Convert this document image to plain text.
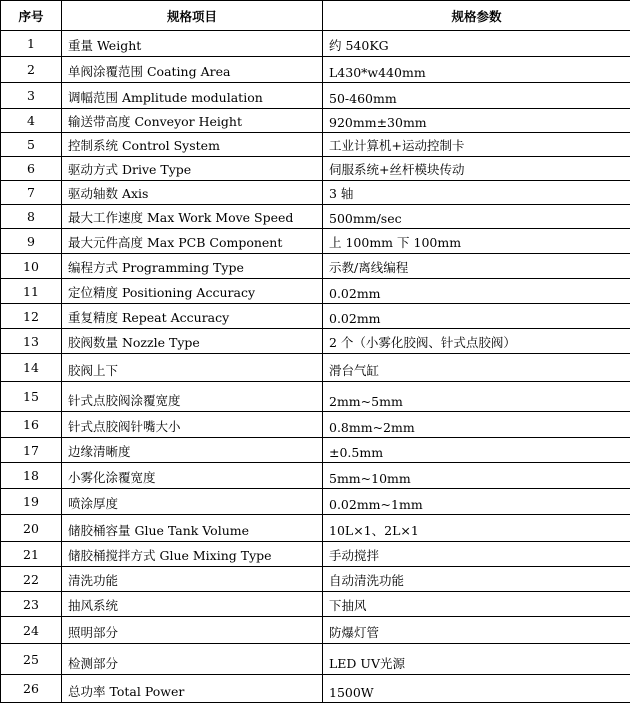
序号	规格项目	规格参数
1	重量 Weight	约 540KG
2	单阀涂覆范围 Coating Area	L430*w440mm
3	调幅范围 Amplitude modulation	50-460mm
4	输送带高度 Conveyor Height	920mm±30mm
5	控制系统 Control System	工业计算机+运动控制卡
6	驱动方式 Drive Type	伺服系统+丝杆模块传动
7	驱动轴数 Axis	3 轴
8	最大工作速度 Max Work Move Speed	500mm/sec
9	最大元件高度 Max PCB Component	上 100mm 下 100mm
10	编程方式 Programming Type	示教/离线编程
11	定位精度 Positioning Accuracy	0.02mm
12	重复精度 Repeat Accuracy	0.02mm
13	胶阀数量 Nozzle Type	2 个（小雾化胶阀、针式点胶阀）
14	胶阀上下	滑台气缸
15	针式点胶阀涂覆宽度	2mm~5mm
16	针式点胶阀针嘴大小	0.8mm~2mm
17	边缘清晰度	±0.5mm
18	小雾化涂覆宽度	5mm~10mm
19	喷涂厚度	0.02mm~1mm
20	储胶桶容量 Glue Tank Volume	10L×1、2L×1
21	储胶桶搅拌方式 Glue Mixing Type	手动搅拌
22	清洗功能	自动清洗功能
23	抽风系统	下抽风
24	照明部分	防爆灯管
25	检测部分	LED UV光源
26	总功率 Total Power	1500W
